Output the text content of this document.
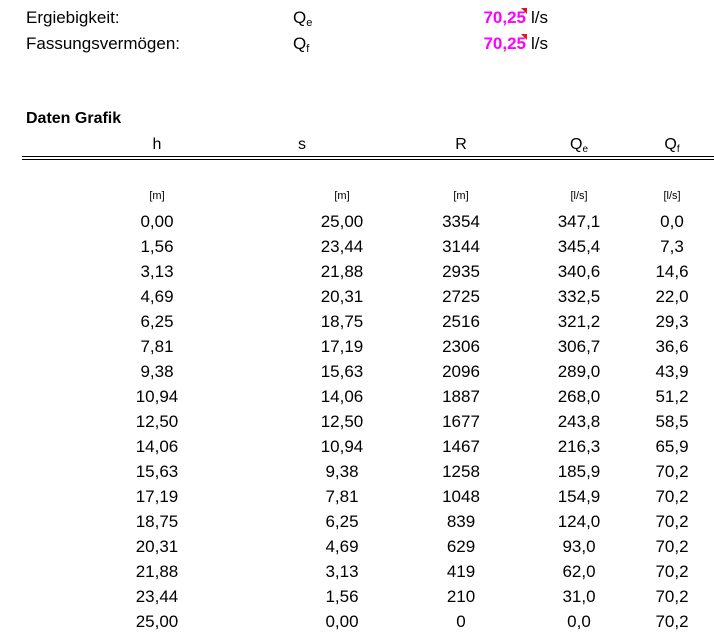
Ergiebigkeit:	$Q_e$	70,25 l/s
Fassungsvermögen:	$Q_f$	70,25 l/s
Daten Grafik
h	s	R	$Q_e$	$Q_f$
[m]	[m]	[m]	[l/s]	[l/s]
0,00	25,00	3354	347,1	0,0
1,56	23,44	3144	345,4	7,3
3,13	21,88	2935	340,6	14,6
4,69	20,31	2725	332,5	22,0
6,25	18,75	2516	321,2	29,3
7,81	17,19	2306	306,7	36,6
9,38	15,63	2096	289,0	43,9
10,94	14,06	1887	268,0	51,2
12,50	12,50	1677	243,8	58,5
14,06	10,94	1467	216,3	65,9
15,63	9,38	1258	185,9	70,2
17,19	7,81	1048	154,9	70,2
18,75	6,25	839	124,0	70,2
20,31	4,69	629	93,0	70,2
21,88	3,13	419	62,0	70,2
23,44	1,56	210	31,0	70,2
25,00	0,00	0	0,0	70,2
